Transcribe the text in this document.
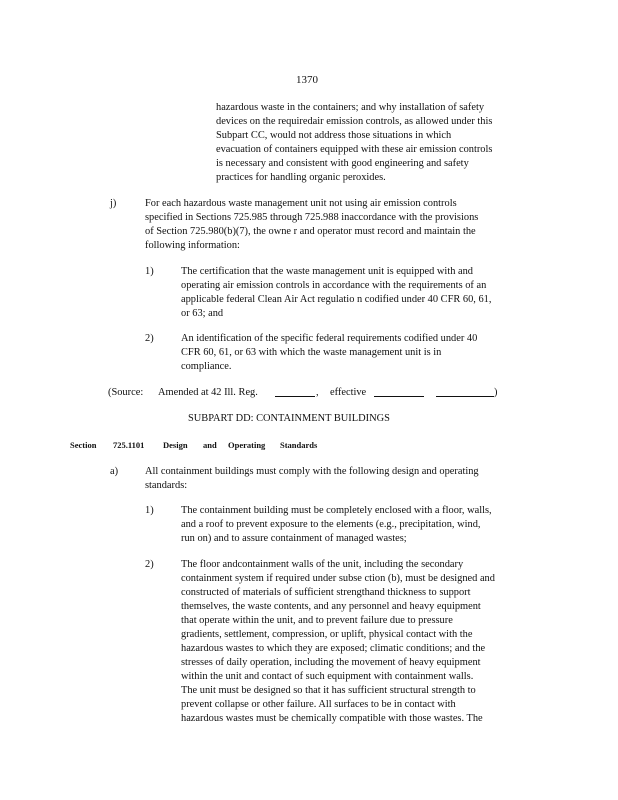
1370
hazardous waste in the containers; and why installation of safety
devices on the requiredair emission controls, as allowed under this
Subpart CC, would not address those situations in which
evacuation of containers equipped with these air emission controls
is necessary and consistent with good engineering and safety
practices for handling organic peroxides.
j)	For each hazardous waste management unit not using air emission controls
specified in Sections 725.985 through 725.988 inaccordance with the provisions
of Section 725.980(b)(7), the owne r and operator must record and maintain the
following information:
1)	The certification that the waste management unit is equipped with and
operating air emission controls in accordance with the requirements of an
applicable federal Clean Air Act regulatio n codified under 40 CFR 60, 61,
or 63; and
2)	An identification of the specific federal requirements codified under 40
CFR 60, 61, or 63 with which the waste management unit is in
compliance.
(Source: Amended at 42 Ill. Reg.	, effective	)
SUBPART DD: CONTAINMENT BUILDINGS
Section 725.1101 Design and Operating Standards
a)	All containment buildings must comply with the following design and operating
standards:
1)	The containment building must be completely enclosed with a floor, walls,
and a roof to prevent exposure to the elements (e.g., precipitation, wind,
run on) and to assure containment of managed wastes;
2)	The floor andcontainment walls of the unit, including the secondary
containment system if required under subse ction (b), must be designed and
constructed of materials of sufficient strengthand thickness to support
themselves, the waste contents, and any personnel and heavy equipment
that operate within the unit, and to prevent failure due to pressure
gradients, settlement, compression, or uplift, physical contact with the
hazardous wastes to which they are exposed; climatic conditions; and the
stresses of daily operation, including the movement of heavy equipment
within the unit and contact of such equipment with containment walls.
The unit must be designed so that it has sufficient structural strength to
prevent collapse or other failure. All surfaces to be in contact with
hazardous wastes must be chemically compatible with those wastes. The
